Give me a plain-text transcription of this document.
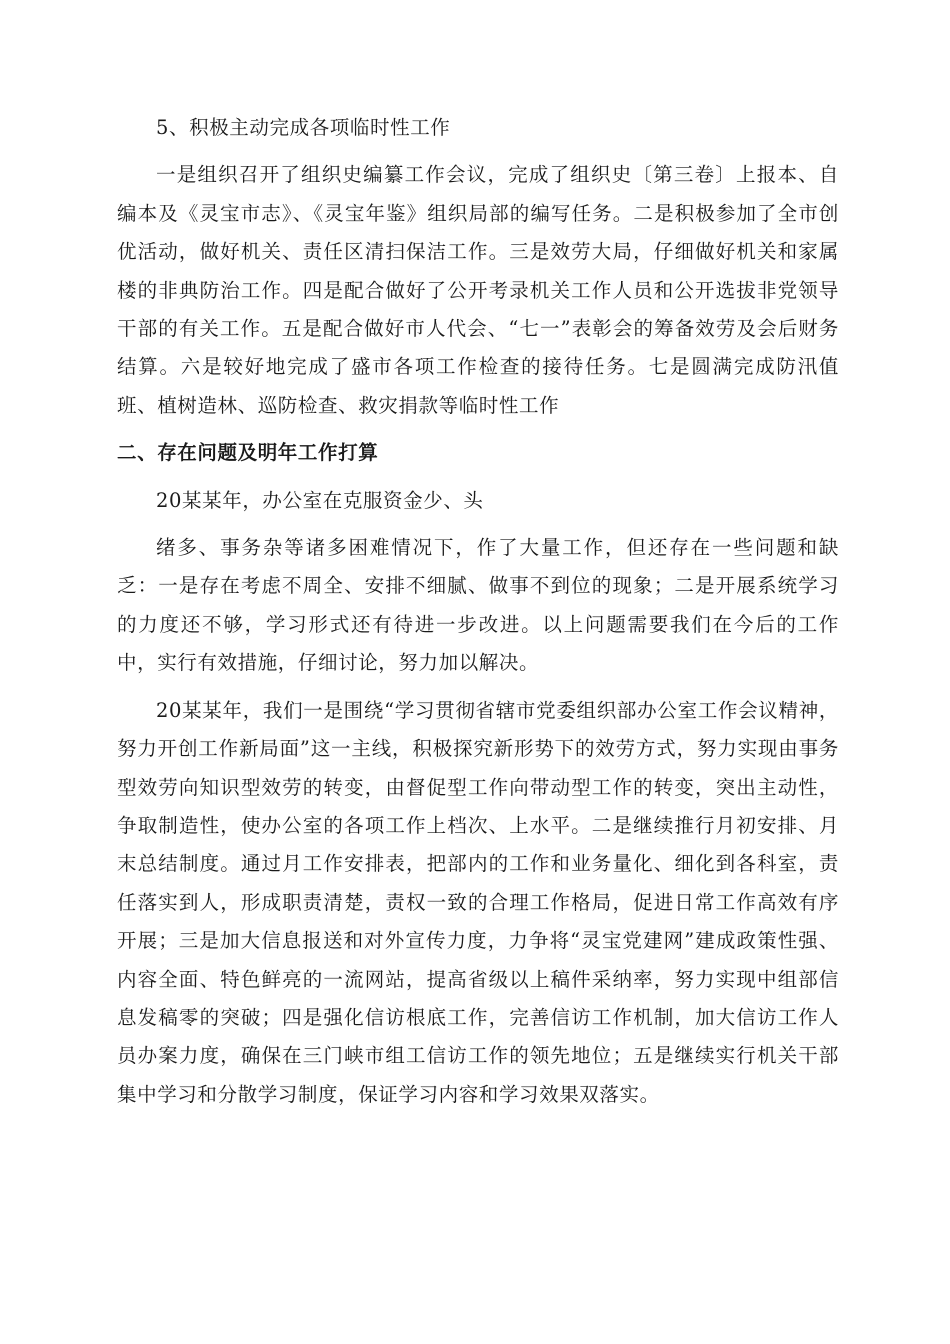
5、积极主动完成各项临时性工作

一是组织召开了组织史编纂工作会议，完成了组织史〔第三卷〕上报本、自编本及《灵宝市志》、《灵宝年鉴》组织局部的编写任务。二是积极参加了全市创优活动，做好机关、责任区清扫保洁工作。三是效劳大局，仔细做好机关和家属楼的非典防治工作。四是配合做好了公开考录机关工作人员和公开选拔非党领导干部的有关工作。五是配合做好市人代会、“七一”表彰会的筹备效劳及会后财务结算。六是较好地完成了盛市各项工作检查的接待任务。七是圆满完成防汛值班、植树造林、巡防检查、救灾捐款等临时性工作

二、存在问题及明年工作打算

20某某年，办公室在克服资金少、头

绪多、事务杂等诸多困难情况下，作了大量工作，但还存在一些问题和缺乏：一是存在考虑不周全、安排不细腻、做事不到位的现象；二是开展系统学习的力度还不够，学习形式还有待进一步改进。以上问题需要我们在今后的工作中，实行有效措施，仔细讨论，努力加以解决。

20某某年，我们一是围绕“学习贯彻省辖市党委组织部办公室工作会议精神，努力开创工作新局面”这一主线，积极探究新形势下的效劳方式，努力实现由事务型效劳向知识型效劳的转变，由督促型工作向带动型工作的转变，突出主动性，争取制造性，使办公室的各项工作上档次、上水平。二是继续推行月初安排、月末总结制度。通过月工作安排表，把部内的工作和业务量化、细化到各科室，责任落实到人，形成职责清楚，责权一致的合理工作格局，促进日常工作高效有序开展；三是加大信息报送和对外宣传力度，力争将“灵宝党建网”建成政策性强、内容全面、特色鲜亮的一流网站，提高省级以上稿件采纳率，努力实现中组部信息发稿零的突破；四是强化信访根底工作，完善信访工作机制，加大信访工作人员办案力度，确保在三门峡市组工信访工作的领先地位；五是继续实行机关干部集中学习和分散学习制度，保证学习内容和学习效果双落实。
